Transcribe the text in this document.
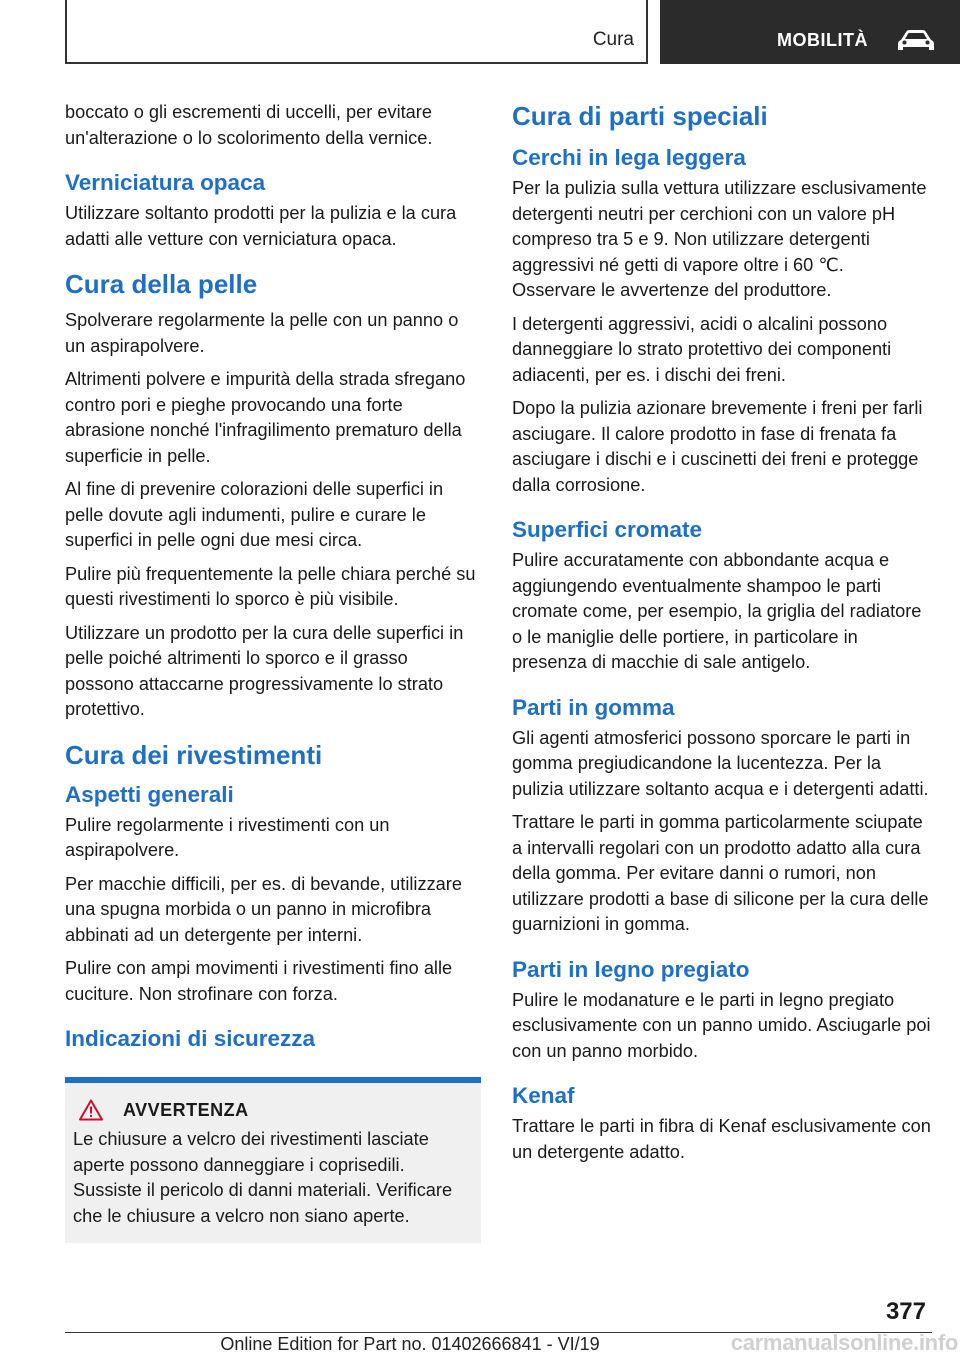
Cura	MOBILITÀ

boccato o gli escrementi di uccelli, per evitare un'alterazione o lo scolorimento della vernice.

Verniciatura opaca

Utilizzare soltanto prodotti per la pulizia e la cura adatti alle vetture con verniciatura opaca.

Cura della pelle

Spolverare regolarmente la pelle con un panno o un aspirapolvere.

Altrimenti polvere e impurità della strada sfregano contro pori e pieghe provocando una forte abrasione nonché l'infragilimento prematuro della superficie in pelle.

Al fine di prevenire colorazioni delle superfici in pelle dovute agli indumenti, pulire e curare le superfici in pelle ogni due mesi circa.

Pulire più frequentemente la pelle chiara perché su questi rivestimenti lo sporco è più visibile.

Utilizzare un prodotto per la cura delle superfici in pelle poiché altrimenti lo sporco e il grasso possono attaccarne progressivamente lo strato protettivo.

Cura dei rivestimenti
Aspetti generali

Pulire regolarmente i rivestimenti con un aspirapolvere.

Per macchie difficili, per es. di bevande, utilizzare una spugna morbida o un panno in microfibra abbinati ad un detergente per interni.

Pulire con ampi movimenti i rivestimenti fino alle cuciture. Non strofinare con forza.

Indicazioni di sicurezza
AVVERTENZA

Le chiusure a velcro dei rivestimenti lasciate aperte possono danneggiare i coprisedili. Sussiste il pericolo di danni materiali. Verificare che le chiusure a velcro non siano aperte.

Cura di parti speciali
Cerchi in lega leggera

Per la pulizia sulla vettura utilizzare esclusivamente detergenti neutri per cerchioni con un valore pH compreso tra 5 e 9. Non utilizzare detergenti aggressivi né getti di vapore oltre i 60 ℃. Osservare le avvertenze del produttore.

I detergenti aggressivi, acidi o alcalini possono danneggiare lo strato protettivo dei componenti adiacenti, per es. i dischi dei freni.

Dopo la pulizia azionare brevemente i freni per farli asciugare. Il calore prodotto in fase di frenata fa asciugare i dischi e i cuscinetti dei freni e protegge dalla corrosione.

Superfici cromate

Pulire accuratamente con abbondante acqua e aggiungendo eventualmente shampoo le parti cromate come, per esempio, la griglia del radiatore o le maniglie delle portiere, in particolare in presenza di macchie di sale antigelo.

Parti in gomma

Gli agenti atmosferici possono sporcare le parti in gomma pregiudicandone la lucentezza. Per la pulizia utilizzare soltanto acqua e i detergenti adatti.

Trattare le parti in gomma particolarmente sciupate a intervalli regolari con un prodotto adatto alla cura della gomma. Per evitare danni o rumori, non utilizzare prodotti a base di silicone per la cura delle guarnizioni in gomma.

Parti in legno pregiato

Pulire le modanature e le parti in legno pregiato esclusivamente con un panno umido. Asciugarle poi con un panno morbido.

Kenaf

Trattare le parti in fibra di Kenaf esclusivamente con un detergente adatto.

377
Online Edition for Part no. 01402666841 - VI/19	carmanualsonline.info
